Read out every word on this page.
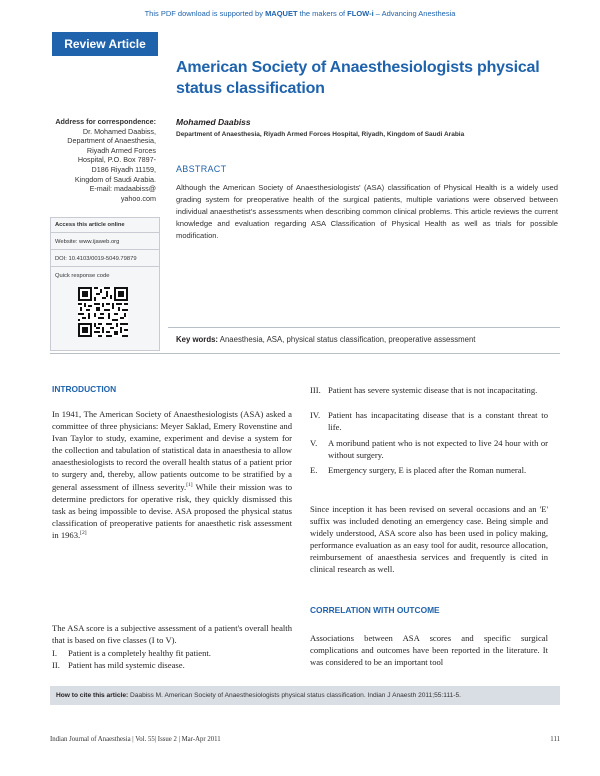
This PDF download is supported by MAQUET the makers of FLOW-i – Advancing Anesthesia
Review Article
American Society of Anaesthesiologists physical status classification
Mohamed Daabiss
Department of Anaesthesia, Riyadh Armed Forces Hospital, Riyadh, Kingdom of Saudi Arabia
Address for correspondence:
Dr. Mohamed Daabiss,
Department of Anaesthesia,
Riyadh Armed Forces
Hospital, P.O. Box 7897-
D186 Riyadh 11159,
Kingdom of Saudi Arabia.
E-mail: madaabiss@
yahoo.com
Access this article online
Website: www.ijaweb.org
DOI: 10.4103/0019-5049.79879
Quick response code
ABSTRACT
Although the American Society of Anaesthesiologists' (ASA) classification of Physical Health is a widely used grading system for preoperative health of the surgical patients, multiple variations were observed between individual anaesthetist's assessments when describing common clinical problems. This article reviews the current knowledge and evaluation regarding ASA Classification of Physical Health as well as trials for possible modification.
Key words: Anaesthesia, ASA, physical status classification, preoperative assessment
INTRODUCTION
In 1941, The American Society of Anaesthesiologists (ASA) asked a committee of three physicians: Meyer Saklad, Emery Rovenstine and Ivan Taylor to study, examine, experiment and devise a system for the collection and tabulation of statistical data in anaesthesia to allow anaesthesiologists to record the overall health status of a patient prior to surgery and, thereby, allow patients outcome to be stratified by a general assessment of illness severity.[1] While their mission was to determine predictors for operative risk, they quickly dismissed this task as being impossible to devise. ASA proposed the physical status classification of preoperative patients for anaesthetic risk assessment in 1963.[2]
The ASA score is a subjective assessment of a patient's overall health that is based on five classes (I to V).
I. Patient is a completely healthy fit patient.
II. Patient has mild systemic disease.
III. Patient has severe systemic disease that is not incapacitating.
IV. Patient has incapacitating disease that is a constant threat to life.
V. A moribund patient who is not expected to live 24 hour with or without surgery.
E. Emergency surgery, E is placed after the Roman numeral.
Since inception it has been revised on several occasions and an 'E' suffix was included denoting an emergency case. Being simple and widely understood, ASA score also has been used in policy making, performance evaluation as an easy tool for audit, resource allocation, reimbursement of anaesthesia services and frequently is cited in clinical research as well.
CORRELATION WITH OUTCOME
Associations between ASA scores and specific surgical complications and outcomes have been reported in the literature. It was considered to be an important tool
How to cite this article: Daabiss M. American Society of Anaesthesiologists physical status classification. Indian J Anaesth 2011;55:111-5.
Indian Journal of Anaesthesia | Vol. 55| Issue 2 | Mar-Apr 2011	111
